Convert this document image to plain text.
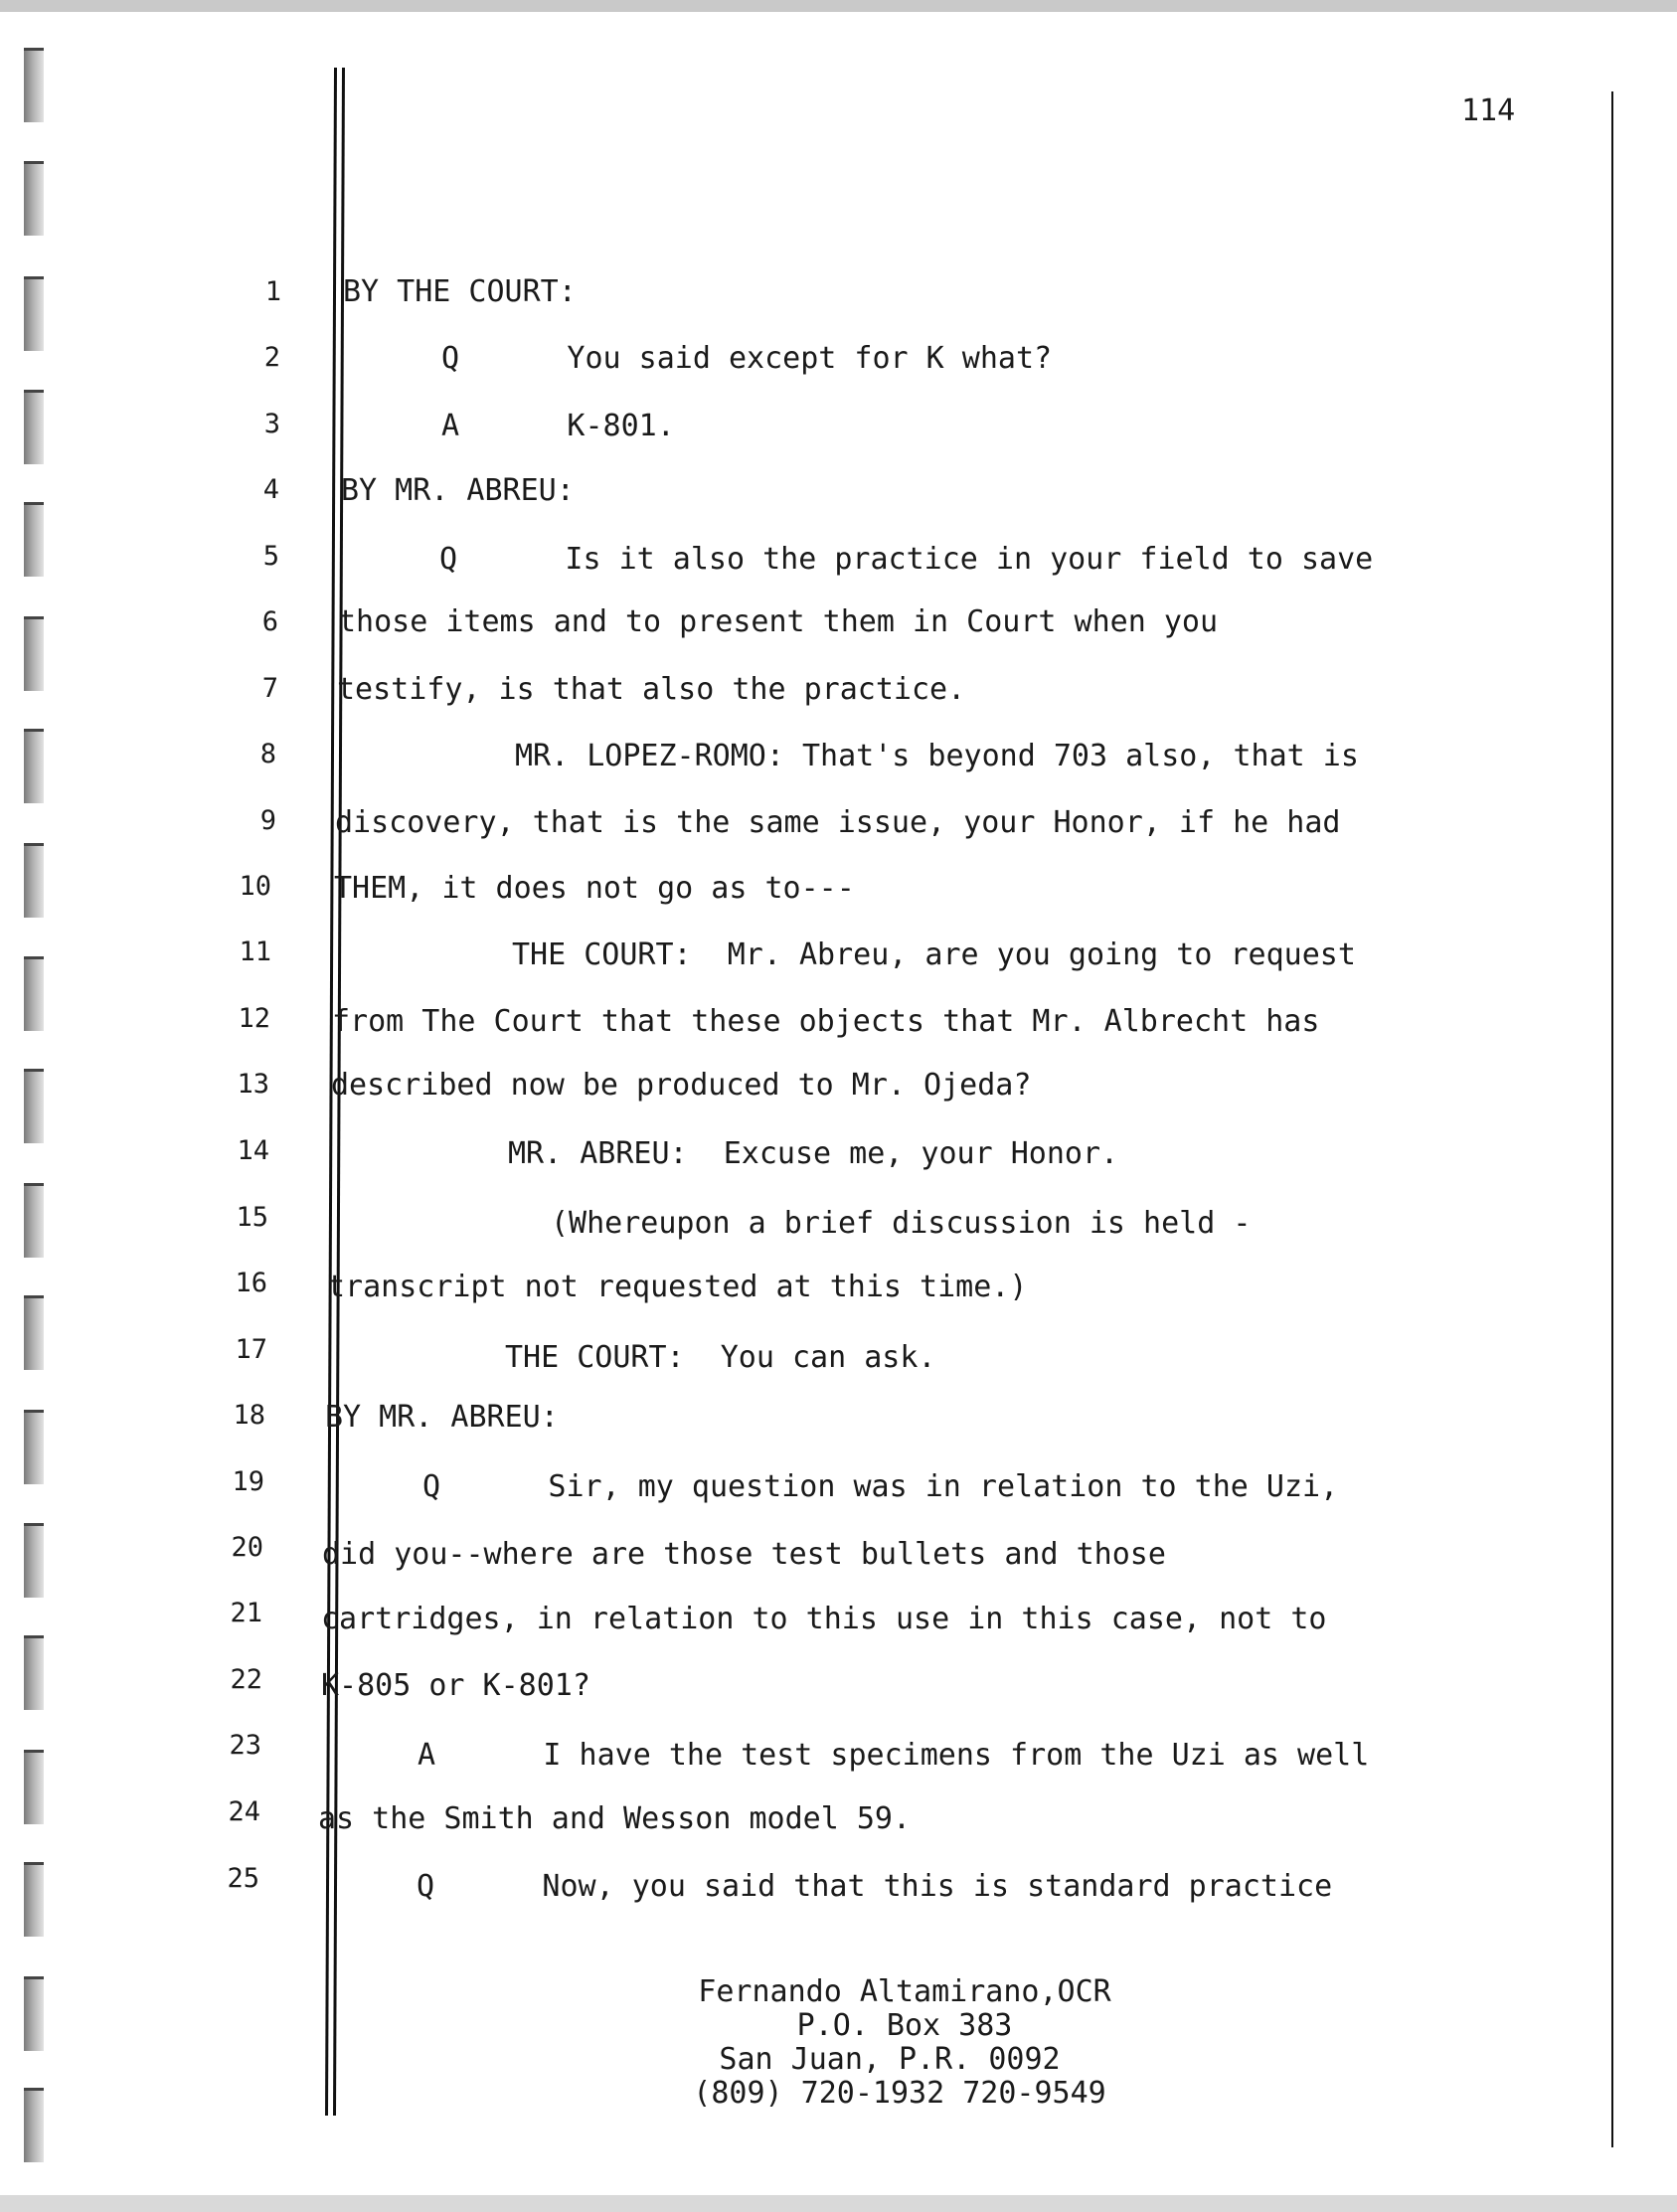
114
1 BY THE COURT:
2	Q      You said except for K what?
3	A      K-801.
4 BY MR. ABREU:
5	Q      Is it also the practice in your field to save
6 those items and to present them in Court when you
7 testify, is that also the practice.
8	MR. LOPEZ-ROMO: That's beyond 703 also, that is
9 discovery, that is the same issue, your Honor, if he had
10 THEM, it does not go as to---
11	THE COURT:  Mr. Abreu, are you going to request
12 from The Court that these objects that Mr. Albrecht has
13 described now be produced to Mr. Ojeda?
14	MR. ABREU:  Excuse me, your Honor.
15	(Whereupon a brief discussion is held -
16 transcript not requested at this time.)
17	THE COURT:  You can ask.
18 BY MR. ABREU:
19	Q      Sir, my question was in relation to the Uzi,
20 did you--where are those test bullets and those
21 cartridges, in relation to this use in this case, not to
22 K-805 or K-801?
23	A      I have the test specimens from the Uzi as well
24 as the Smith and Wesson model 59.
25	Q      Now, you said that this is standard practice
Fernando Altamirano,OCR
P.O. Box 383
San Juan, P.R. 0092
(809) 720-1932 720-9549
